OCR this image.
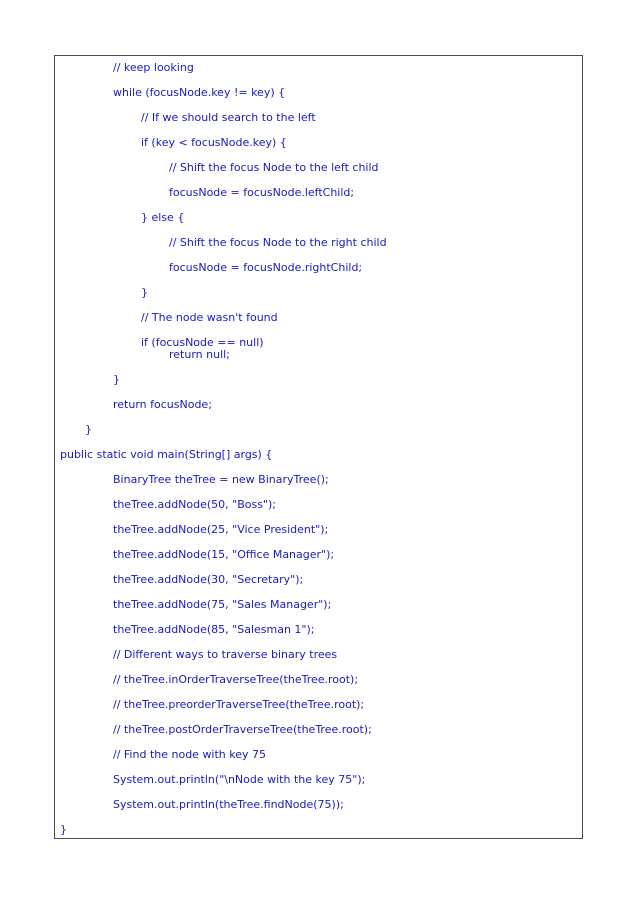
// keep looking
while (focusNode.key != key) {
// If we should search to the left
if (key < focusNode.key) {
// Shift the focus Node to the left child
focusNode = focusNode.leftChild;
} else {
// Shift the focus Node to the right child
focusNode = focusNode.rightChild;
}
// The node wasn't found
if (focusNode == null)
return null;
}
return focusNode;
}
public static void main(String[] args) {
BinaryTree theTree = new BinaryTree();
theTree.addNode(50, "Boss");
theTree.addNode(25, "Vice President");
theTree.addNode(15, "Office Manager");
theTree.addNode(30, "Secretary");
theTree.addNode(75, "Sales Manager");
theTree.addNode(85, "Salesman 1");
// Different ways to traverse binary trees
// theTree.inOrderTraverseTree(theTree.root);
// theTree.preorderTraverseTree(theTree.root);
// theTree.postOrderTraverseTree(theTree.root);
// Find the node with key 75
System.out.println("\nNode with the key 75");
System.out.println(theTree.findNode(75));
}
